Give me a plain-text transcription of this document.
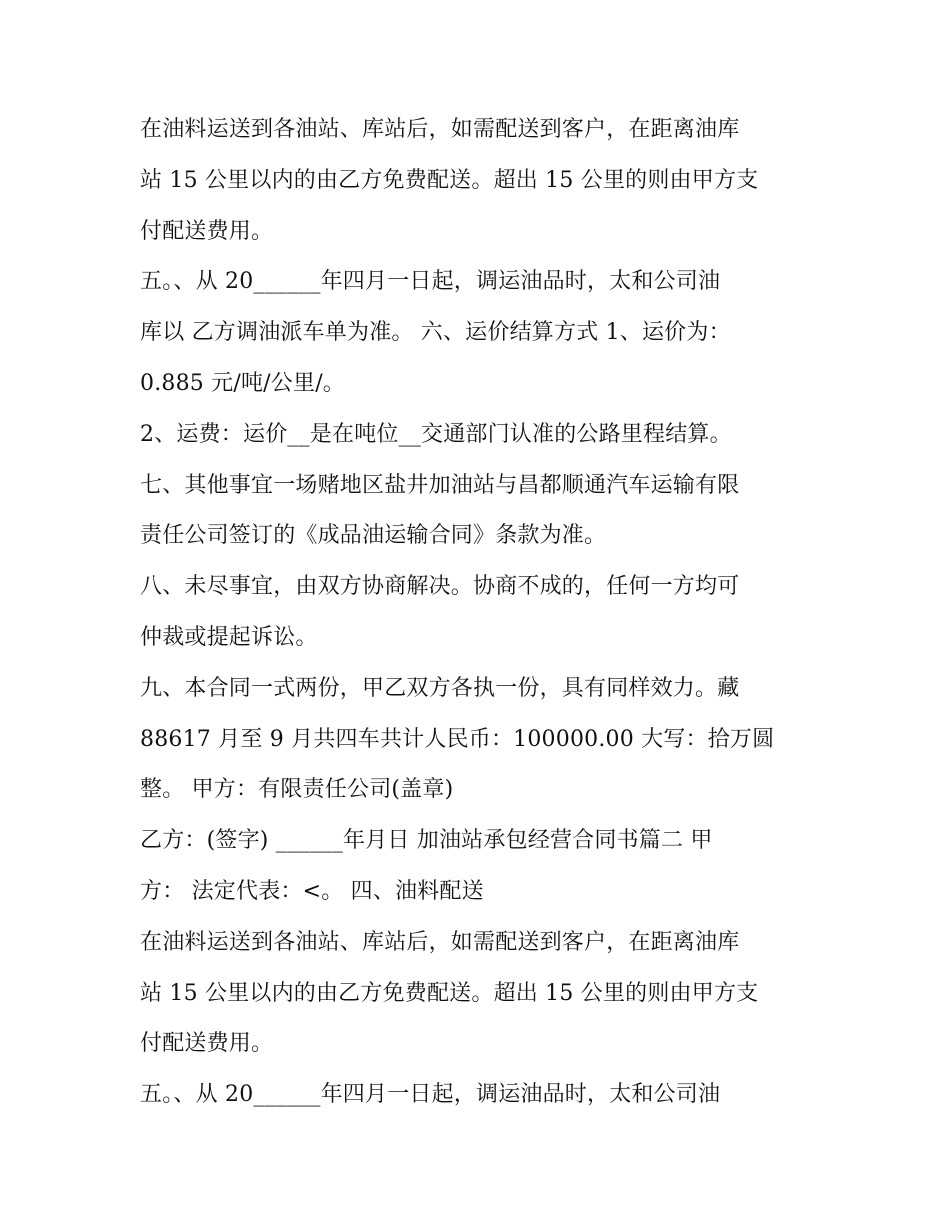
在油料运送到各油站、库站后，如需配送到客户，在距离油库
站 15 公里以内的由乙方免费配送。超出 15 公里的则由甲方支
付配送费用。
五。、从 20______年四月一日起，调运油品时，太和公司油
库以 乙方调油派车单为准。 六、运价结算方式 1、运价为：
0.885 元/吨/公里/。
2、运费：运价__是在吨位__交通部门认准的公路里程结算。
七、其他事宜一场赌地区盐井加油站与昌都顺通汽车运输有限
责任公司签订的《成品油运输合同》条款为准。
八、未尽事宜，由双方协商解决。协商不成的，任何一方均可
仲裁或提起诉讼。
九、本合同一式两份，甲乙双方各执一份，具有同样效力。藏
88617 月至 9 月共四车共计人民币：100000.00 大写：拾万圆
整。 甲方：有限责任公司(盖章)
乙方：(签字) ______年月日 加油站承包经营合同书篇二 甲
方： 法定代表：<。 四、油料配送
在油料运送到各油站、库站后，如需配送到客户，在距离油库
站 15 公里以内的由乙方免费配送。超出 15 公里的则由甲方支
付配送费用。
五。、从 20______年四月一日起，调运油品时，太和公司油
